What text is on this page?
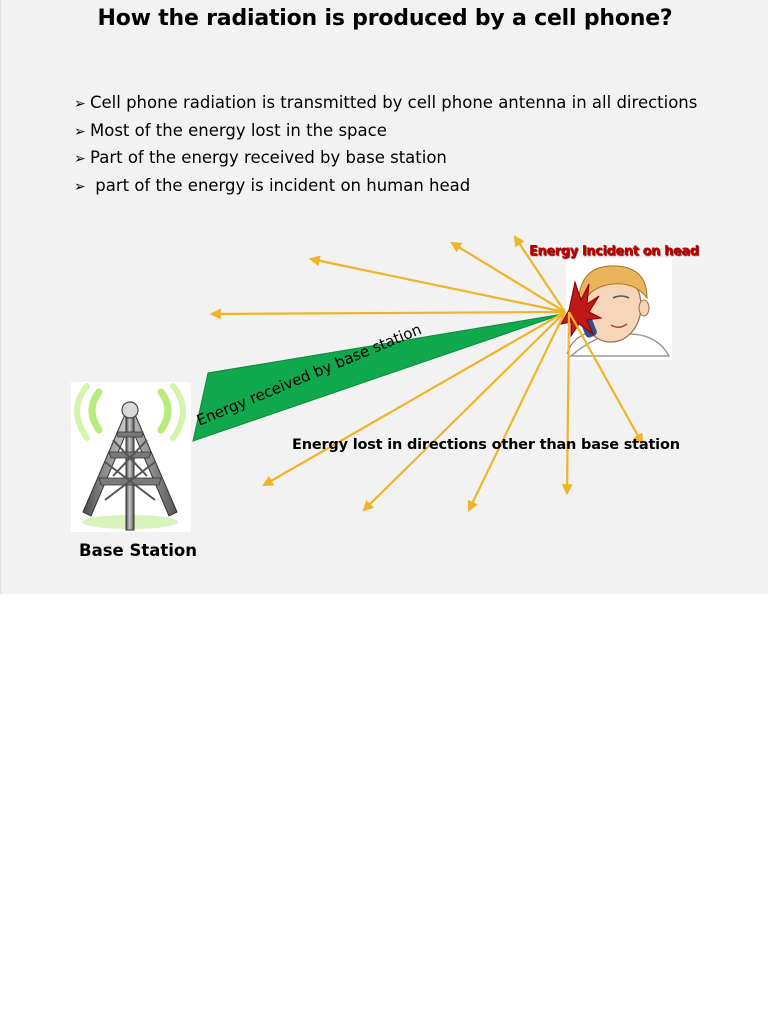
How the radiation is produced by a cell phone?
➢ Cell phone radiation is transmitted by cell phone antenna in all directions
➢ Most of the energy lost in the space
➢ Part of the energy received by base station
➢ part of the energy is incident on human head
Energy Incident on head
Energy received by base station
Energy lost in directions other than base station
Base Station
